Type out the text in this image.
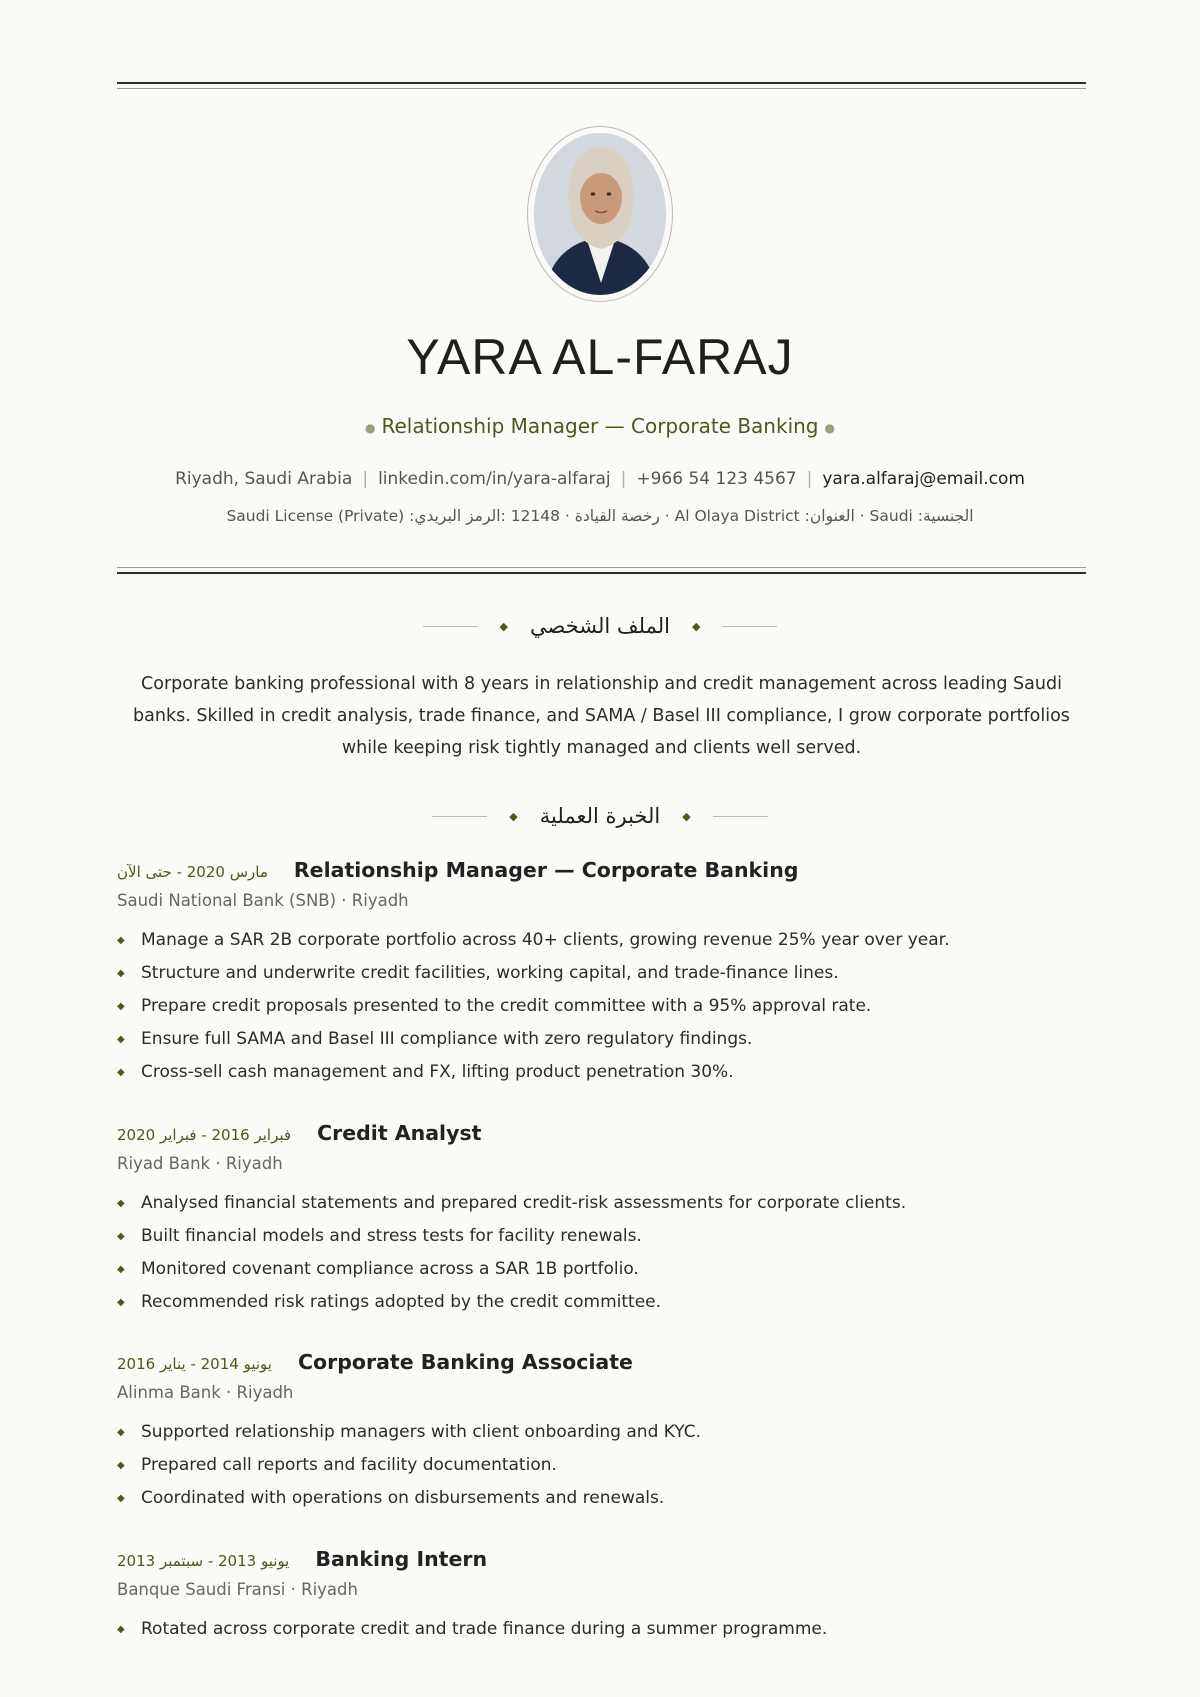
YARA AL-FARAJ
● Relationship Manager — Corporate Banking ●
Riyadh, Saudi Arabia | linkedin.com/in/yara-alfaraj | +966 54 123 4567 | yara.alfaraj@email.com
Saudi License (Private) :رخصة القيادة · 12148 :الرمز البريدي · Al Olaya District :العنوان · Saudi :الجنسية
◆ الملف الشخصي ◆
Corporate banking professional with 8 years in relationship and credit management across leading Saudi banks. Skilled in credit analysis, trade finance, and SAMA / Basel III compliance, I grow corporate portfolios while keeping risk tightly managed and clients well served.
◆ الخبرة العملية ◆
مارس 2020 - حتى الآن Relationship Manager — Corporate Banking
Saudi National Bank (SNB) · Riyadh
◆ Manage a SAR 2B corporate portfolio across 40+ clients, growing revenue 25% year over year.
◆ Structure and underwrite credit facilities, working capital, and trade-finance lines.
◆ Prepare credit proposals presented to the credit committee with a 95% approval rate.
◆ Ensure full SAMA and Basel III compliance with zero regulatory findings.
◆ Cross-sell cash management and FX, lifting product penetration 30%.
فبراير 2016 - فبراير 2020 Credit Analyst
Riyad Bank · Riyadh
◆ Analysed financial statements and prepared credit-risk assessments for corporate clients.
◆ Built financial models and stress tests for facility renewals.
◆ Monitored covenant compliance across a SAR 1B portfolio.
◆ Recommended risk ratings adopted by the credit committee.
يونيو 2014 - يناير 2016 Corporate Banking Associate
Alinma Bank · Riyadh
◆ Supported relationship managers with client onboarding and KYC.
◆ Prepared call reports and facility documentation.
◆ Coordinated with operations on disbursements and renewals.
يونيو 2013 - سبتمبر 2013 Banking Intern
Banque Saudi Fransi · Riyadh
◆ Rotated across corporate credit and trade finance during a summer programme.
